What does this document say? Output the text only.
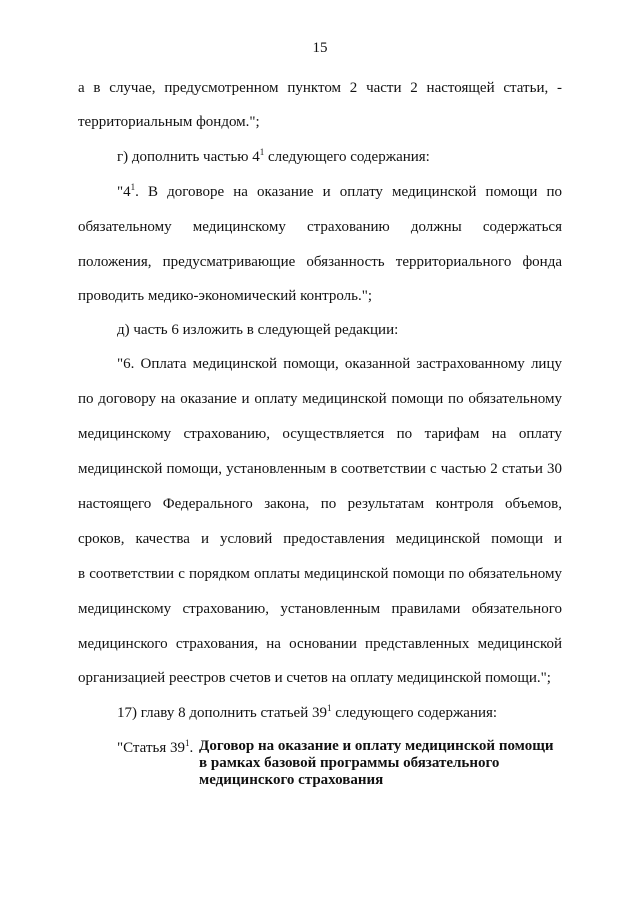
15
а в случае, предусмотренном пунктом 2 части 2 настоящей статьи, -
территориальным фондом.";
г) дополнить частью $4^1$ следующего содержания:
"$4^1$. В договоре на оказание и оплату медицинской помощи по
обязательному медицинскому страхованию должны содержаться
положения, предусматривающие обязанность территориального фонда
проводить медико-экономический контроль.";
д) часть 6 изложить в следующей редакции:
"6. Оплата медицинской помощи, оказанной застрахованному лицу
по договору на оказание и оплату медицинской помощи по обязательному
медицинскому страхованию, осуществляется по тарифам на оплату
медицинской помощи, установленным в соответствии с частью 2 статьи 30
настоящего Федерального закона, по результатам контроля объемов,
сроков, качества и условий предоставления медицинской помощи и
в соответствии с порядком оплаты медицинской помощи по обязательному
медицинскому страхованию, установленным правилами обязательного
медицинского страхования, на основании представленных медицинской
организацией реестров счетов и счетов на оплату медицинской помощи.";
17) главу 8 дополнить статьей $39^1$ следующего содержания:
"Статья $39^1$. Договор на оказание и оплату медицинской помощи
в рамках базовой программы обязательного
медицинского страхования
